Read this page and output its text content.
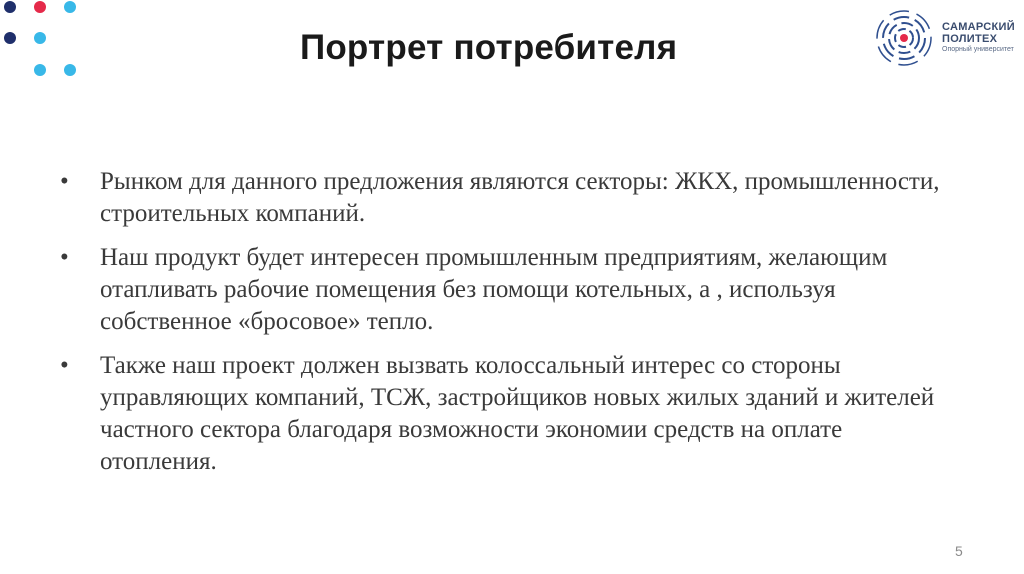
Портрет потребителя
САМАРСКИЙ
ПОЛИТЕХ
Опорный университет
• Рынком для данного предложения являются секторы: ЖКХ, промышленности, строительных компаний.
• Наш продукт будет интересен промышленным предприятиям, желающим отапливать рабочие помещения без помощи котельных, а , используя собственное «бросовое» тепло.
• Также наш проект должен вызвать колоссальный интерес со стороны управляющих компаний, ТСЖ, застройщиков новых жилых зданий и жителей частного сектора благодаря возможности экономии средств на оплате отопления.
5
